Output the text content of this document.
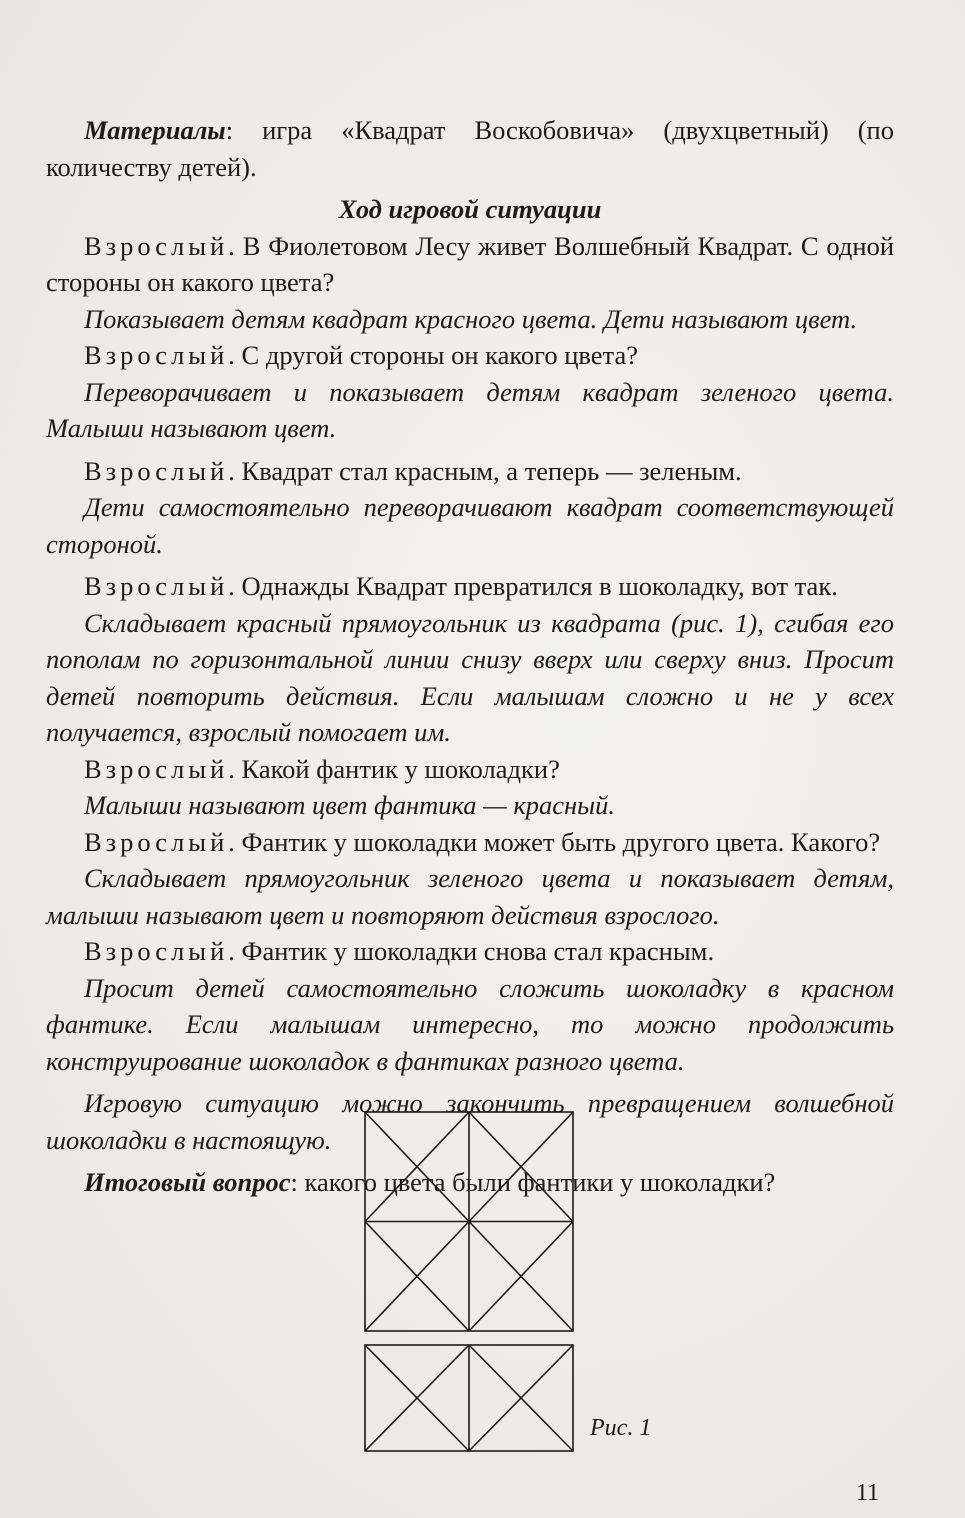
Материалы: игра «Квадрат Воскобовича» (двухцветный) (по количеству детей).

Ход игровой ситуации

Взрослый. В Фиолетовом Лесу живет Волшебный Квадрат. С одной стороны он какого цвета?

Показывает детям квадрат красного цвета. Дети называют цвет.

Взрослый. С другой стороны он какого цвета?

Переворачивает и показывает детям квадрат зеленого цвета. Малыши называют цвет.

Взрослый. Квадрат стал красным, а теперь — зеленым.

Дети самостоятельно переворачивают квадрат соответствующей стороной.

Взрослый. Однажды Квадрат превратился в шоколадку, вот так.

Складывает красный прямоугольник из квадрата (рис. 1), сгибая его пополам по горизонтальной линии снизу вверх или сверху вниз. Просит детей повторить действия. Если малышам сложно и не у всех получается, взрослый помогает им.

Взрослый. Какой фантик у шоколадки?

Малыши называют цвет фантика — красный.

Взрослый. Фантик у шоколадки может быть другого цвета. Какого?

Складывает прямоугольник зеленого цвета и показывает детям, малыши называют цвет и повторяют действия взрослого.

Взрослый. Фантик у шоколадки снова стал красным.

Просит детей самостоятельно сложить шоколадку в красном фантике. Если малышам интересно, то можно продолжить конструирование шоколадок в фантиках разного цвета.

Игровую ситуацию можно закончить превращением волшебной шоколадки в настоящую.

Итоговый вопрос: какого цвета были фантики у шоколадки?

Рис. 1
11
